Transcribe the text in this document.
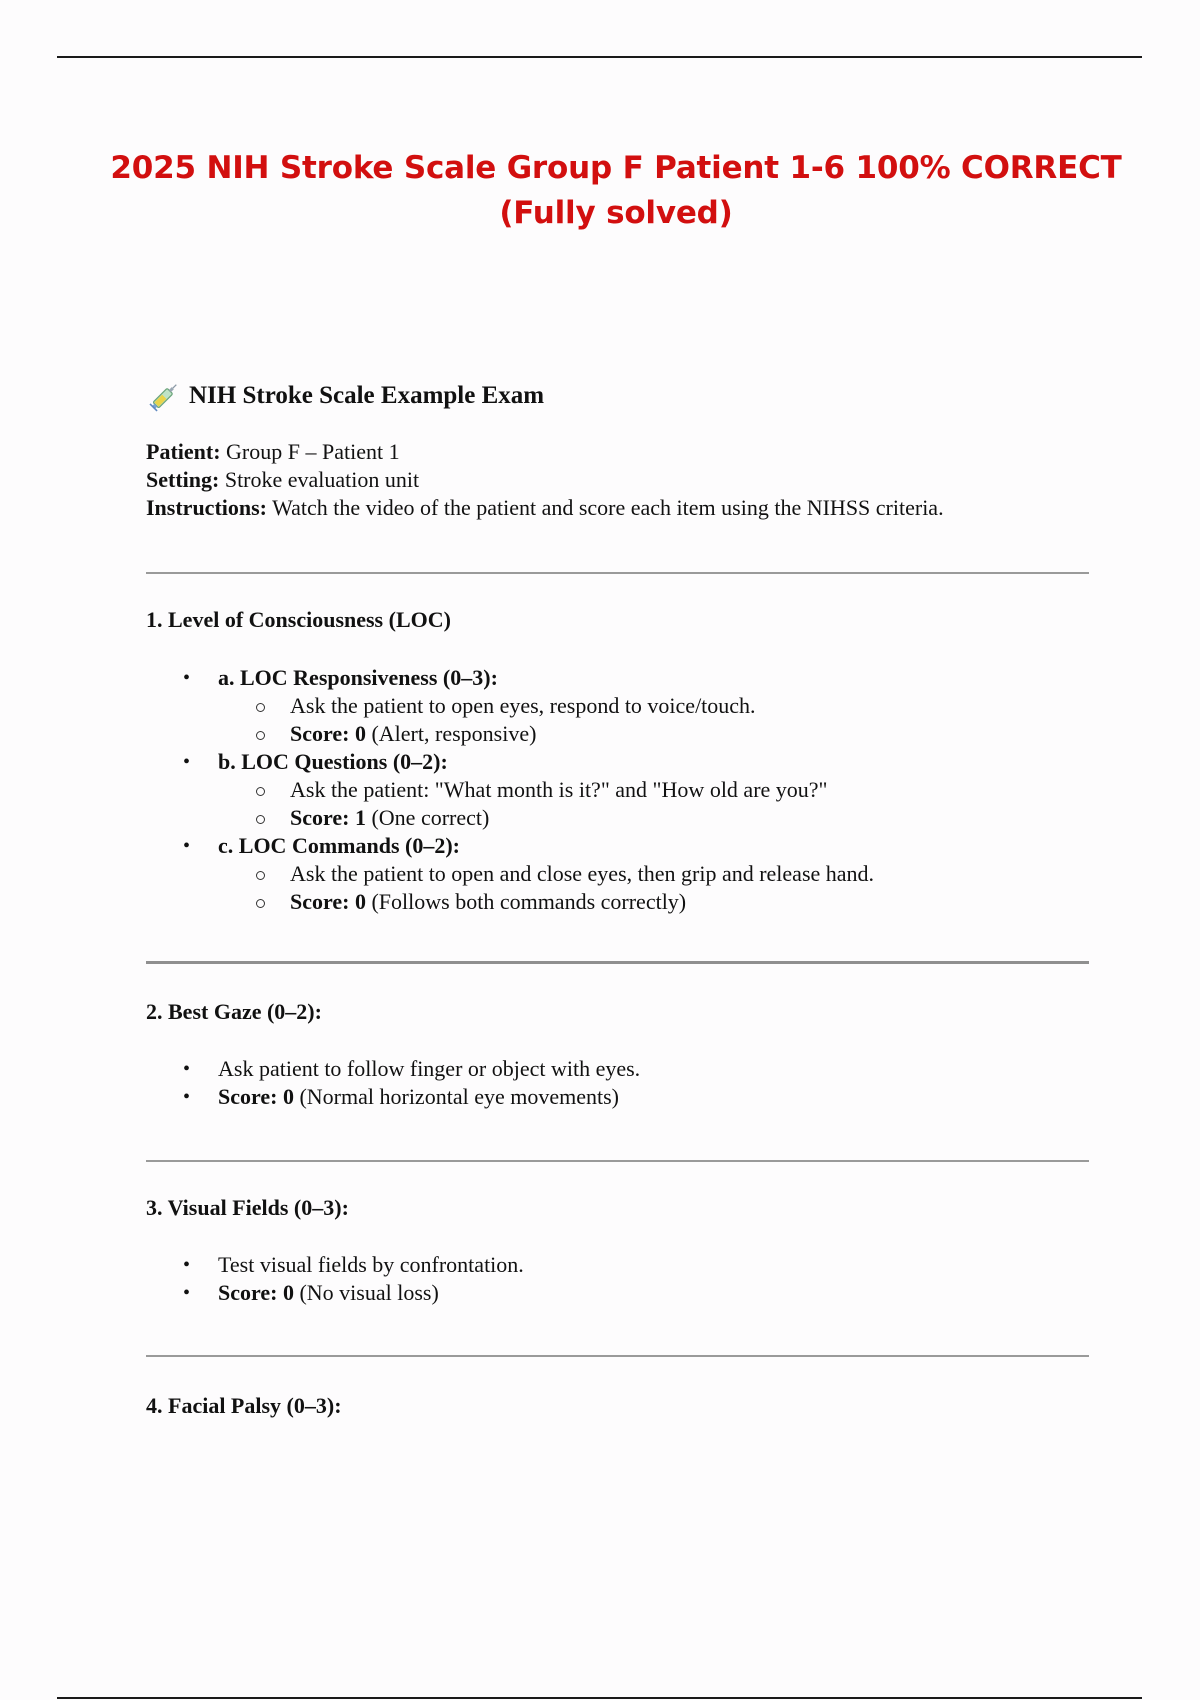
2025 NIH Stroke Scale Group F Patient 1-6 100% CORRECT
(Fully solved)
NIH Stroke Scale Example Exam
Patient: Group F – Patient 1
Setting: Stroke evaluation unit
Instructions: Watch the video of the patient and score each item using the NIHSS criteria.
1. Level of Consciousness (LOC)
• a. LOC Responsiveness (0–3):
Ask the patient to open eyes, respond to voice/touch.
Score: 0 (Alert, responsive)
• b. LOC Questions (0–2):
Ask the patient: "What month is it?" and "How old are you?"
Score: 1 (One correct)
• c. LOC Commands (0–2):
Ask the patient to open and close eyes, then grip and release hand.
Score: 0 (Follows both commands correctly)
2. Best Gaze (0–2):
• Ask patient to follow finger or object with eyes.
• Score: 0 (Normal horizontal eye movements)
3. Visual Fields (0–3):
• Test visual fields by confrontation.
• Score: 0 (No visual loss)
4. Facial Palsy (0–3):
